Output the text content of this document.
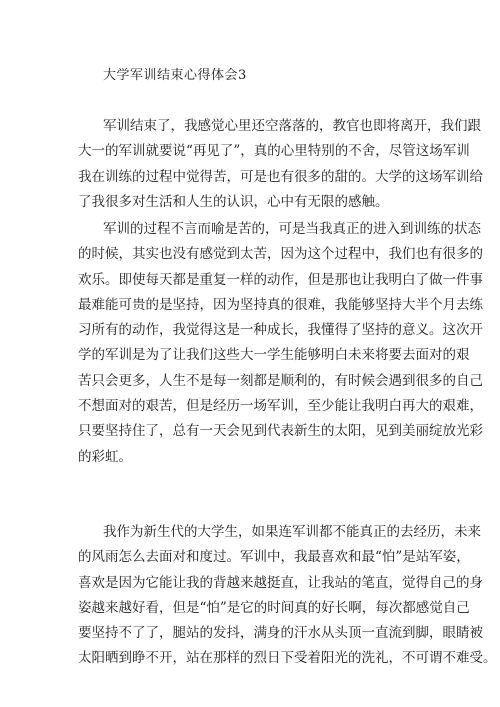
大学军训结束心得体会3
军训结束了，我感觉心里还空落落的，教官也即将离开，我们跟
大一的军训就要说“再见了”，真的心里特别的不舍，尽管这场军训
我在训练的过程中觉得苦，可是也有很多的甜的。大学的这场军训给
了我很多对生活和人生的认识，心中有无限的感触。
军训的过程不言而喻是苦的，可是当我真正的进入到训练的状态
的时候，其实也没有感觉到太苦，因为这个过程中，我们也有很多的
欢乐。即使每天都是重复一样的动作，但是那也让我明白了做一件事
最难能可贵的是坚持，因为坚持真的很难，我能够坚持大半个月去练
习所有的动作，我觉得这是一种成长，我懂得了坚持的意义。这次开
学的军训是为了让我们这些大一学生能够明白未来将要去面对的艰
苦只会更多，人生不是每一刻都是顺利的，有时候会遇到很多的自己
不想面对的艰苦，但是经历一场军训，至少能让我明白再大的艰难，
只要坚持住了，总有一天会见到代表新生的太阳，见到美丽绽放光彩
的彩虹。
我作为新生代的大学生，如果连军训都不能真正的去经历，未来
的风雨怎么去面对和度过。军训中，我最喜欢和最“怕”是站军姿，
喜欢是因为它能让我的背越来越挺直，让我站的笔直，觉得自己的身
姿越来越好看，但是“怕”是它的时间真的好长啊，每次都感觉自己
要坚持不了了，腿站的发抖，满身的汗水从头顶一直流到脚，眼睛被
太阳晒到睁不开，站在那样的烈日下受着阳光的洗礼，不可谓不难受。
